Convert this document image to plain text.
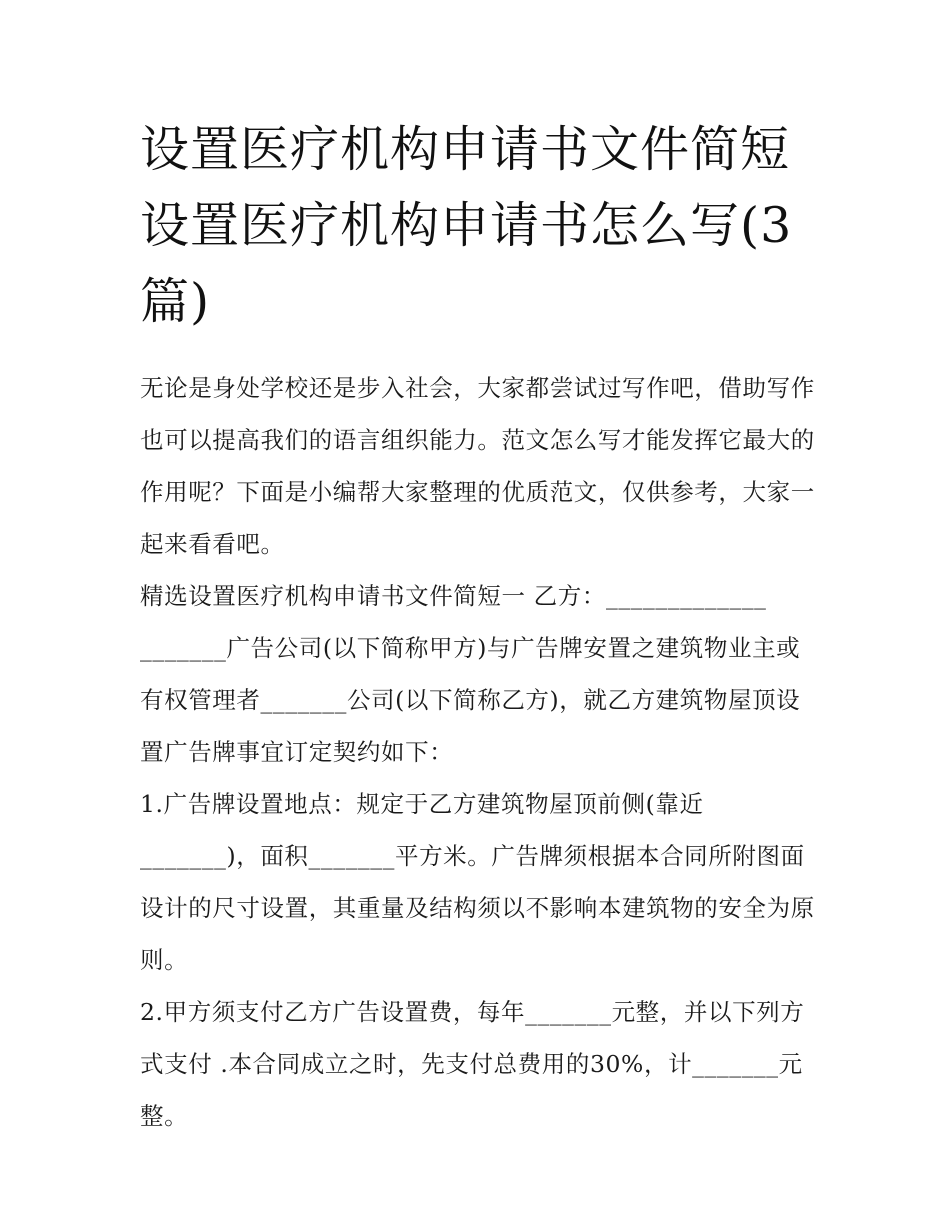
设置医疗机构申请书文件简短设置医疗机构申请书怎么写(3篇)

无论是身处学校还是步入社会，大家都尝试过写作吧，借助写作也可以提高我们的语言组织能力。范文怎么写才能发挥它最大的作用呢？下面是小编帮大家整理的优质范文，仅供参考，大家一起来看看吧。

精选设置医疗机构申请书文件简短一 乙方：_____________ _______广告公司(以下简称甲方)与广告牌安置之建筑物业主或有权管理者_______公司(以下简称乙方)，就乙方建筑物屋顶设置广告牌事宜订定契约如下：

1.广告牌设置地点：规定于乙方建筑物屋顶前侧(靠近_______)，面积_______平方米。广告牌须根据本合同所附图面设计的尺寸设置，其重量及结构须以不影响本建筑物的安全为原则。

2.甲方须支付乙方广告设置费，每年_______元整，并以下列方式支付 .本合同成立之时，先支付总费用的30%，计_______元整。
